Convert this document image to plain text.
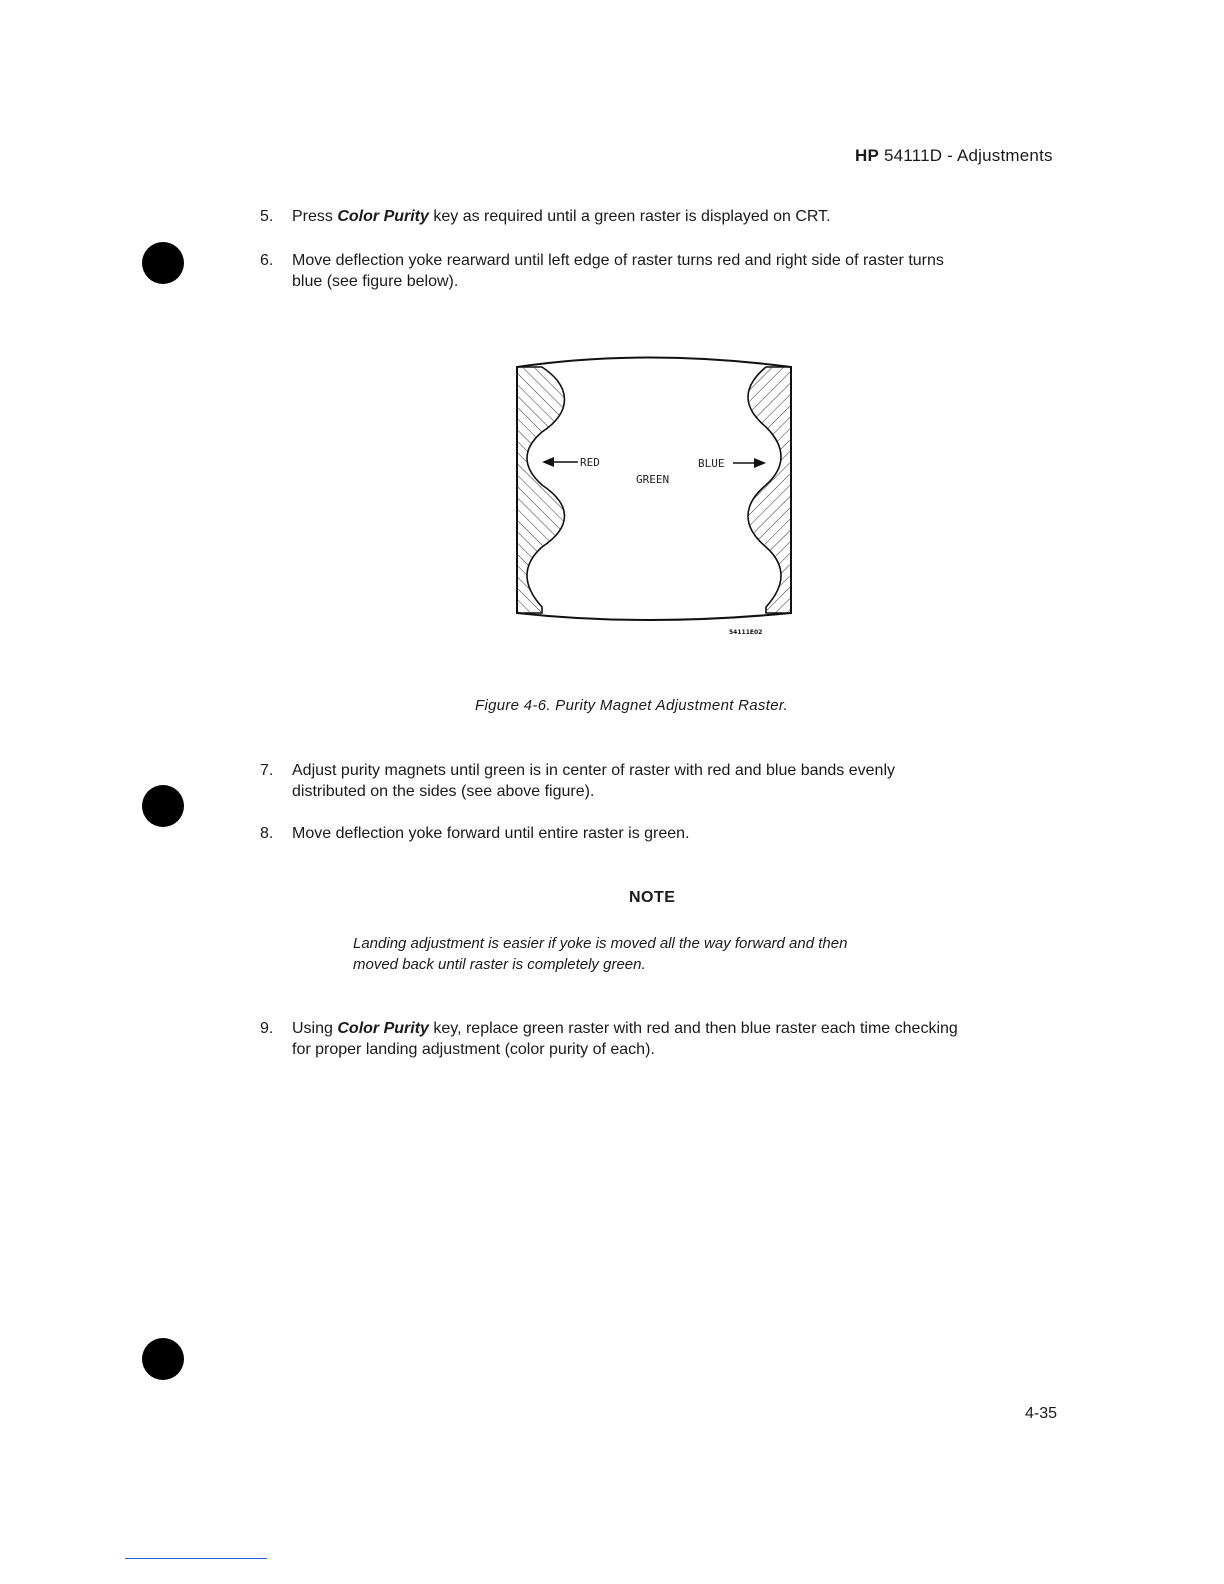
HP 54111D - Adjustments
5. Press Color Purity key as required until a green raster is displayed on CRT.
6. Move deflection yoke rearward until left edge of raster turns red and right side of raster turns
blue (see figure below).
RED
GREEN
BLUE
54111E02
Figure 4-6. Purity Magnet Adjustment Raster.
7. Adjust purity magnets until green is in center of raster with red and blue bands evenly
distributed on the sides (see above figure).
8. Move deflection yoke forward until entire raster is green.
NOTE
Landing adjustment is easier if yoke is moved all the way forward and then
moved back until raster is completely green.
9. Using Color Purity key, replace green raster with red and then blue raster each time checking
for proper landing adjustment (color purity of each).
4-35
